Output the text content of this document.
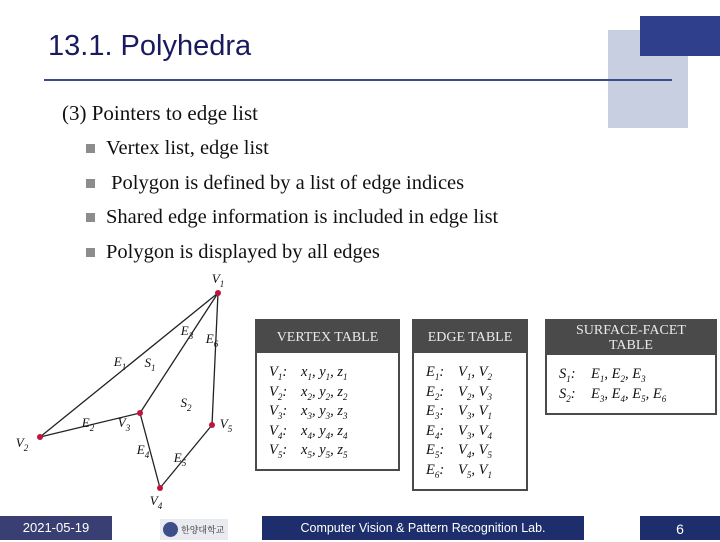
13.1. Polyhedra
(3) Pointers to edge list
Vertex list, edge list
Polygon is defined by a list of edge indices
Shared edge information is included in edge list
Polygon is displayed by all edges
$V_1$
$V_2$
$V_3$
$V_4$
$V_5$
$E_1$
$E_2$
$E_3$
$E_4$ $E_5$
$E_6$
$S_1$
$S_2$
VERTEX TABLE
$V_1$: $x_1$, $y_1$, $z_1$
$V_2$: $x_2$, $y_2$, $z_2$
$V_3$: $x_3$, $y_3$, $z_3$
$V_4$: $x_4$, $y_4$, $z_4$
$V_5$: $x_5$, $y_5$, $z_5$
EDGE TABLE
$E_1$: $V_1$, $V_2$
$E_2$: $V_2$, $V_3$
$E_3$: $V_3$, $V_1$
$E_4$: $V_3$, $V_4$
$E_5$: $V_4$, $V_5$
$E_6$: $V_5$, $V_1$
SURFACE-FACET
TABLE
$S_1$:	$E_1$, $E_2$, $E_3$
$S_2$:	$E_3$, $E_4$, $E_5$, $E_6$
2021-05-19	한양대학교	Computer Vision & Pattern Recognition Lab.	6
